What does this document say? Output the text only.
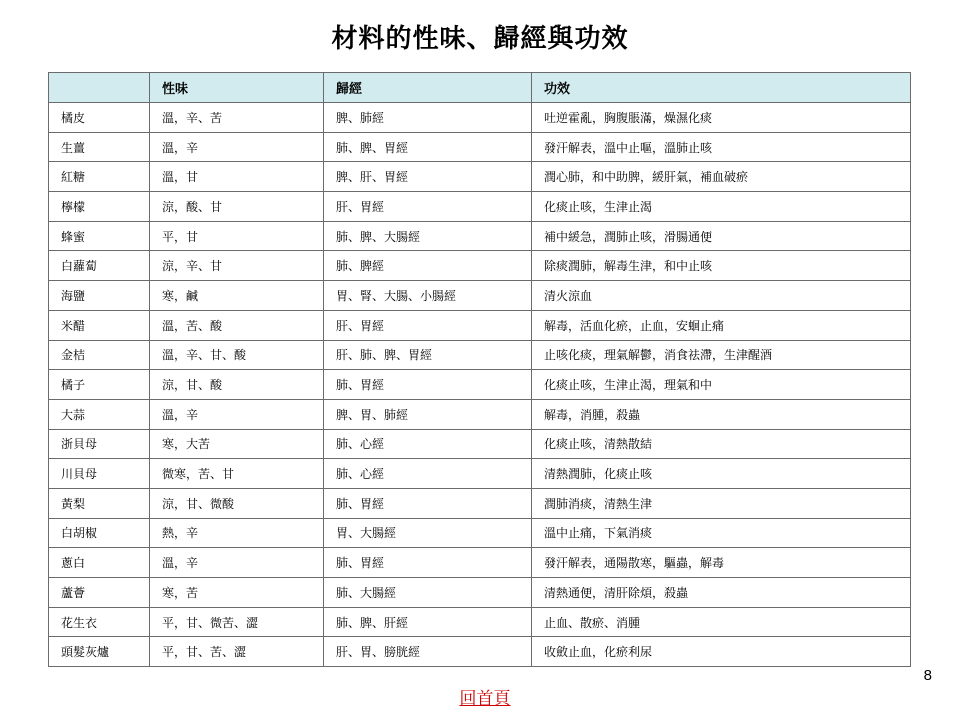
材料的性味、歸經與功效
	性味	歸經	功效
橘皮	溫，辛、苦	脾、肺經	吐逆霍亂，胸腹脹滿，燥濕化痰
生薑	溫，辛	肺、脾、胃經	發汗解表，溫中止嘔，溫肺止咳
紅糖	溫，甘	脾、肝、胃經	潤心肺，和中助脾，緩肝氣，補血破瘀
檸檬	涼，酸、甘	肝、胃經	化痰止咳，生津止渴
蜂蜜	平，甘	肺、脾、大腸經	補中緩急，潤肺止咳，滑腸通便
白蘿蔔	涼，辛、甘	肺、脾經	除痰潤肺，解毒生津，和中止咳
海鹽	寒，鹹	胃、腎、大腸、小腸經	清火涼血
米醋	溫，苦、酸	肝、胃經	解毒，活血化瘀，止血，安蛔止痛
金桔	溫，辛、甘、酸	肝、肺、脾、胃經	止咳化痰，理氣解鬱，消食祛滯，生津醒酒
橘子	涼，甘、酸	肺、胃經	化痰止咳，生津止渴，理氣和中
大蒜	溫，辛	脾、胃、肺經	解毒，消腫，殺蟲
浙貝母	寒，大苦	肺、心經	化痰止咳，清熱散結
川貝母	微寒，苦、甘	肺、心經	清熱潤肺，化痰止咳
黃梨	涼，甘、微酸	肺、胃經	潤肺消痰，清熱生津
白胡椒	熱，辛	胃、大腸經	溫中止痛，下氣消痰
蔥白	溫，辛	肺、胃經	發汗解表，通陽散寒，驅蟲，解毒
蘆薈	寒，苦	肺、大腸經	清熱通便，清肝除煩，殺蟲
花生衣	平，甘、微苦、澀	肺、脾、肝經	止血、散瘀、消腫
頭髮灰爐	平，甘、苦、澀	肝、胃、膀胱經	收斂止血，化瘀利尿
8
回首頁
